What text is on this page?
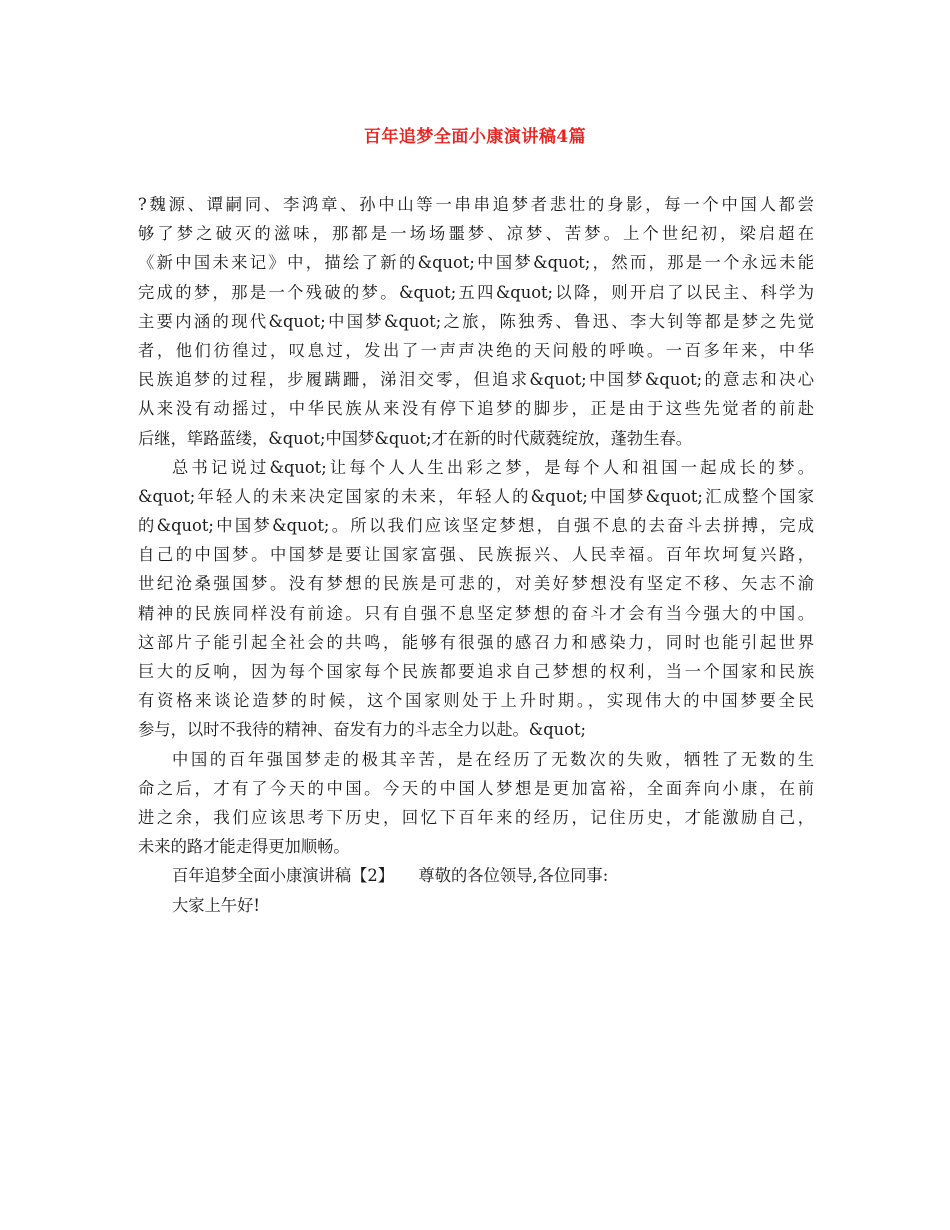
百年追梦全面小康演讲稿4篇
?魏源、谭嗣同、李鸿章、孙中山等一串串追梦者悲壮的身影，每一个中国人都尝
够了梦之破灭的滋味，那都是一场场噩梦、凉梦、苦梦。上个世纪初，梁启超在
《新中国未来记》中，描绘了新的&quot;中国梦&quot;，然而，那是一个永远未能
完成的梦，那是一个残破的梦。&quot;五四&quot;以降，则开启了以民主、科学为
主要内涵的现代&quot;中国梦&quot;之旅，陈独秀、鲁迅、李大钊等都是梦之先觉
者，他们彷徨过，叹息过，发出了一声声决绝的天问般的呼唤。一百多年来，中华
民族追梦的过程，步履蹒跚，涕泪交零，但追求&quot;中国梦&quot;的意志和决心
从来没有动摇过，中华民族从来没有停下追梦的脚步，正是由于这些先觉者的前赴
后继，筚路蓝缕，&quot;中国梦&quot;才在新的时代葳蕤绽放，蓬勃生春。
总书记说过&quot;让每个人人生出彩之梦，是每个人和祖国一起成长的梦。
&quot;年轻人的未来决定国家的未来，年轻人的&quot;中国梦&quot;汇成整个国家
的&quot;中国梦&quot;。所以我们应该坚定梦想，自强不息的去奋斗去拼搏，完成
自己的中国梦。中国梦是要让国家富强、民族振兴、人民幸福。百年坎坷复兴路，
世纪沧桑强国梦。没有梦想的民族是可悲的，对美好梦想没有坚定不移、矢志不渝
精神的民族同样没有前途。只有自强不息坚定梦想的奋斗才会有当今强大的中国。
这部片子能引起全社会的共鸣，能够有很强的感召力和感染力，同时也能引起世界
巨大的反响，因为每个国家每个民族都要追求自己梦想的权利，当一个国家和民族
有资格来谈论造梦的时候，这个国家则处于上升时期。，实现伟大的中国梦要全民
参与，以时不我待的精神、奋发有力的斗志全力以赴。&quot;
中国的百年强国梦走的极其辛苦，是在经历了无数次的失败，牺牲了无数的生
命之后，才有了今天的中国。今天的中国人梦想是更加富裕，全面奔向小康，在前
进之余，我们应该思考下历史，回忆下百年来的经历，记住历史，才能激励自己，
未来的路才能走得更加顺畅。
百年追梦全面小康演讲稿【2】　　尊敬的各位领导,各位同事:
大家上午好!
